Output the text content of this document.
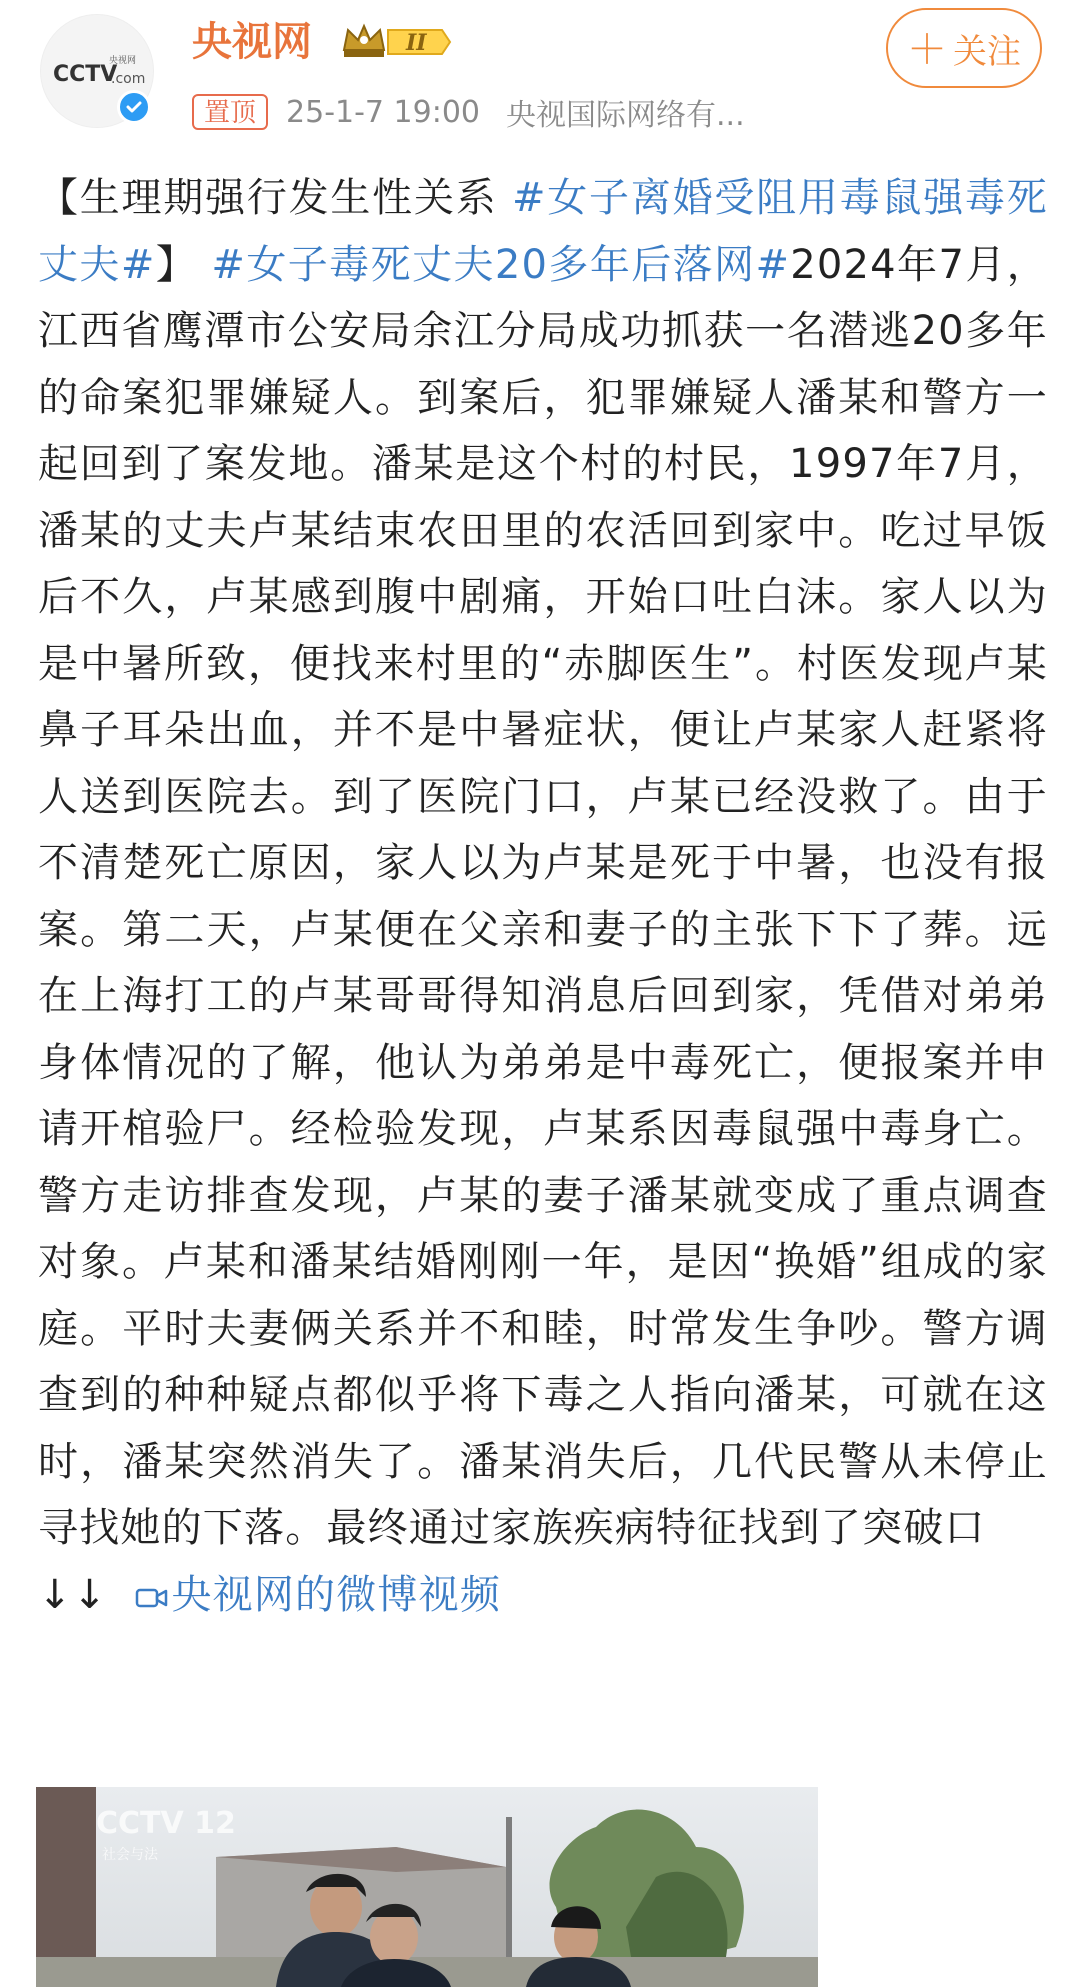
CCTV
央视网
.com
央视网	II	＋ 关注
置顶	25-1-7 19:00 央视国际网络有...
【生理期强行发生性关系 #女子离婚受阻用毒鼠强毒死丈夫#】 #女子毒死丈夫20多年后落网#2024年7月，江西省鹰潭市公安局余江分局成功抓获一名潜逃20多年的命案犯罪嫌疑人。到案后，犯罪嫌疑人潘某和警方一起回到了案发地。潘某是这个村的村民，1997年7月，潘某的丈夫卢某结束农田里的农活回到家中。吃过早饭后不久，卢某感到腹中剧痛，开始口吐白沫。家人以为是中暑所致，便找来村里的“赤脚医生”。村医发现卢某鼻子耳朵出血，并不是中暑症状，便让卢某家人赶紧将人送到医院去。到了医院门口，卢某已经没救了。由于不清楚死亡原因，家人以为卢某是死于中暑，也没有报案。第二天，卢某便在父亲和妻子的主张下下了葬。远在上海打工的卢某哥哥得知消息后回到家，凭借对弟弟身体情况的了解，他认为弟弟是中毒死亡，便报案并申请开棺验尸。经检验发现，卢某系因毒鼠强中毒身亡。警方走访排查发现，卢某的妻子潘某就变成了重点调查对象。卢某和潘某结婚刚刚一年，是因“换婚”组成的家庭。平时夫妻俩关系并不和睦，时常发生争吵。警方调查到的种种疑点都似乎将下毒之人指向潘某，可就在这时，潘某突然消失了。潘某消失后，几代民警从未停止寻找她的下落。最终通过家族疾病特征找到了突破口
↓↓ 央视网的微博视频
CCTV 12
社会与法
